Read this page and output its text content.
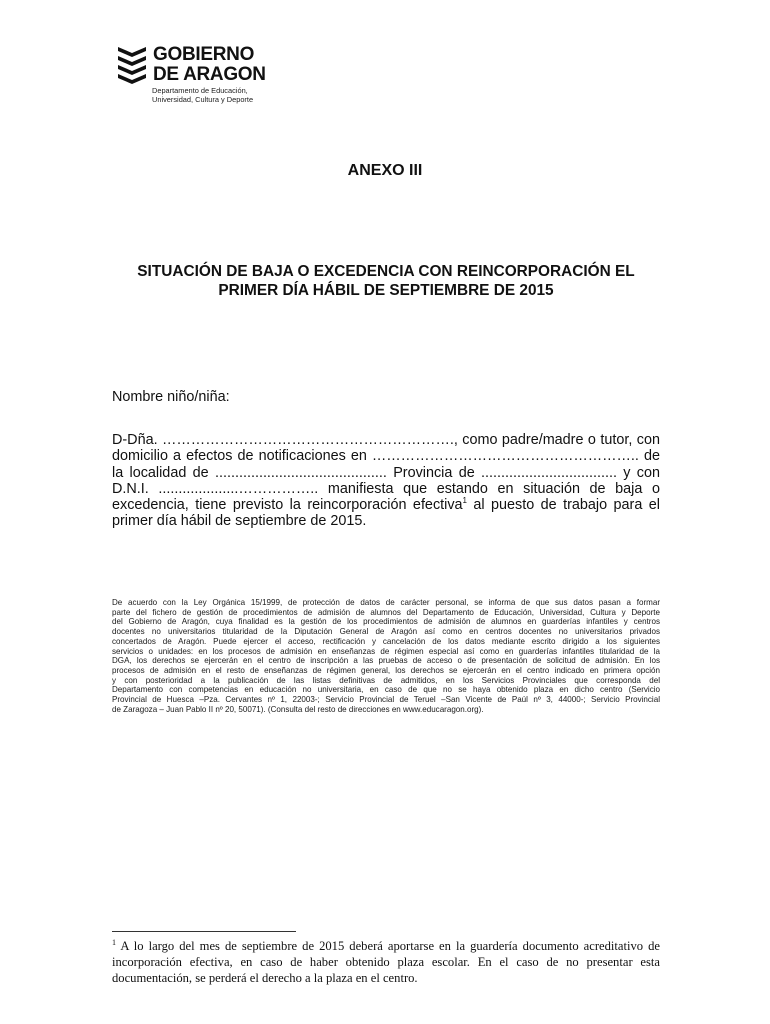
GOBIERNO
DE ARAGON
Departamento de Educación,
Universidad, Cultura y Deporte
ANEXO III
SITUACIÓN DE BAJA O EXCEDENCIA CON REINCORPORACIÓN EL
PRIMER DÍA HÁBIL DE SEPTIEMBRE DE 2015
Nombre niño/niña:
D-Dña. ……………………………………………………., como padre/madre o tutor, con
domicilio a efectos de notificaciones en ……………………………………………….. de
la localidad de ........................................... Provincia de .................................. y con
D.N.I. ....................…………….. manifiesta que estando en situación de baja o
excedencia, tiene previsto la reincorporación efectiva$^1$ al puesto de trabajo para el
primer día hábil de septiembre de 2015.
De acuerdo con la Ley Orgánica 15/1999, de protección de datos de carácter personal, se informa de que sus datos pasan a formar
parte del fichero de gestión de procedimientos de admisión de alumnos del Departamento de Educación, Universidad, Cultura y Deporte
del Gobierno de Aragón, cuya finalidad es la gestión de los procedimientos de admisión de alumnos en guarderías infantiles y centros
docentes no universitarios titularidad de la Diputación General de Aragón así como en centros docentes no universitarios privados
concertados de Aragón. Puede ejercer el acceso, rectificación y cancelación de los datos mediante escrito dirigido a los siguientes
servicios o unidades: en los procesos de admisión en enseñanzas de régimen especial así como en guarderías infantiles titularidad de la
DGA, los derechos se ejercerán en el centro de inscripción a las pruebas de acceso o de presentación de solicitud de admisión. En los
procesos de admisión en el resto de enseñanzas de régimen general, los derechos se ejercerán en el centro indicado en primera opción
y con posterioridad a la publicación de las listas definitivas de admitidos, en los Servicios Provinciales que corresponda del
Departamento con competencias en educación no universitaria, en caso de que no se haya obtenido plaza en dicho centro (Servicio
Provincial de Huesca –Pza. Cervantes nº 1, 22003-; Servicio Provincial de Teruel –San Vicente de Paúl nº 3, 44000-; Servicio Provincial
de Zaragoza – Juan Pablo II nº 20, 50071). (Consulta del resto de direcciones en www.educaragon.org).
$^1$ A lo largo del mes de septiembre de 2015 deberá aportarse en la guardería documento acreditativo de
incorporación efectiva, en caso de haber obtenido plaza escolar. En el caso de no presentar esta
documentación, se perderá el derecho a la plaza en el centro.
